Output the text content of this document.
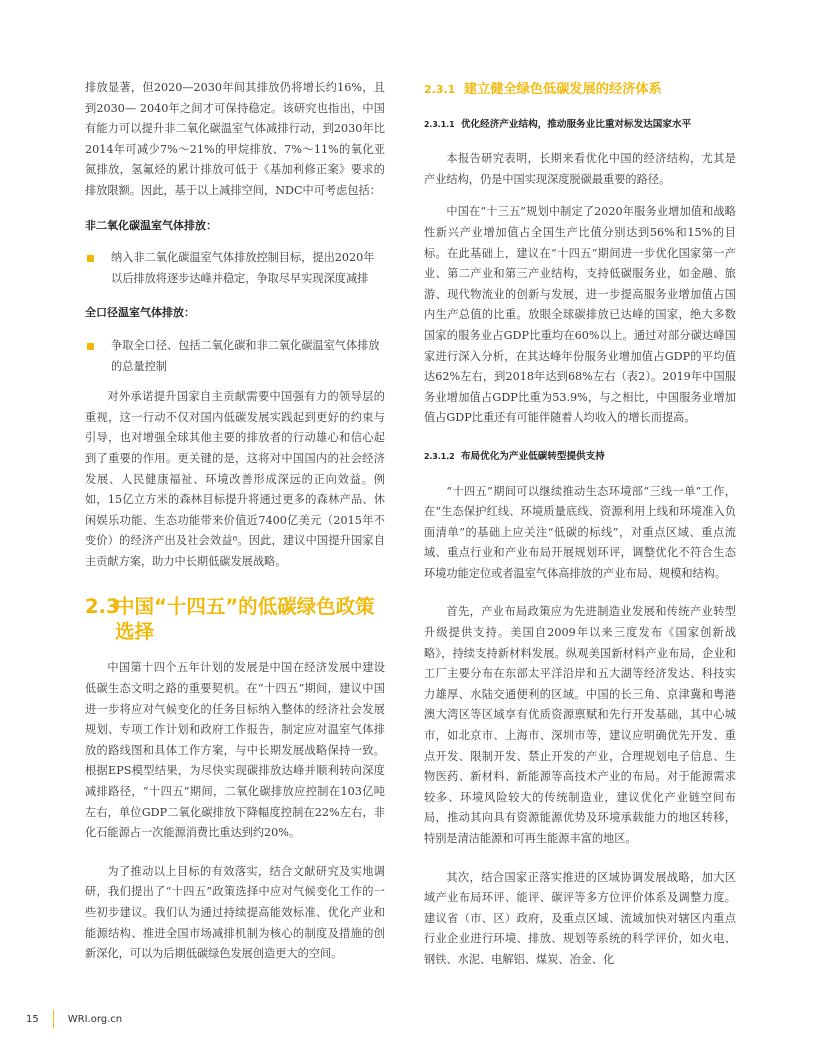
排放显著，但2020—2030年间其排放仍将增长约16%，且到2030— 2040年之间才可保持稳定。该研究也指出，中国有能力可以提升非二氧化碳温室气体减排行动，到2030年比2014年可减少7%～21%的甲烷排放、7%～11%的氧化亚氮排放，氢氟烃的累计排放可低于《基加利修正案》要求的排放限额。因此，基于以上减排空间，NDC中可考虑包括：

非二氧化碳温室气体排放：
纳入非二氧化碳温室气体排放控制目标，提出2020年以后排放将逐步达峰并稳定，争取尽早实现深度减排
全口径温室气体排放：
争取全口径、包括二氧化碳和非二氧化碳温室气体排放的总量控制

对外承诺提升国家自主贡献需要中国强有力的领导层的重视，这一行动不仅对国内低碳发展实践起到更好的约束与引导，也对增强全球其他主要的排放者的行动雄心和信心起到了重要的作用。更关键的是，这将对中国国内的社会经济发展、人民健康福祉、环境改善形成深远的正向效益。例如，15亿立方米的森林目标提升将通过更多的森林产品、休闲娱乐功能、生态功能带来价值近7400亿美元（2015年不变价）的经济产出及社会效益⁸。因此，建议中国提升国家自主贡献方案，助力中长期低碳发展战略。

2.3
中国“十四五”的低碳绿色政策选择

中国第十四个五年计划的发展是中国在经济发展中建设低碳生态文明之路的重要契机。在“十四五”期间，建议中国进一步将应对气候变化的任务目标纳入整体的经济社会发展规划、专项工作计划和政府工作报告，制定应对温室气体排放的路线图和具体工作方案，与中长期发展战略保持一致。根据EPS模型结果，为尽快实现碳排放达峰并顺利转向深度减排路径，“十四五”期间，二氧化碳排放应控制在103亿吨左右，单位GDP二氧化碳排放下降幅度控制在22%左右，非化石能源占一次能源消费比重达到约20%。

为了推动以上目标的有效落实，结合文献研究及实地调研，我们提出了“十四五”政策选择中应对气候变化工作的一些初步建议。我们认为通过持续提高能效标准、优化产业和能源结构、推进全国市场减排机制为核心的制度及措施的创新深化，可以为后期低碳绿色发展创造更大的空间。

2.3.1 建立健全绿色低碳发展的经济体系
2.3.1.1 优化经济产业结构，推动服务业比重对标发达国家水平

本报告研究表明，长期来看优化中国的经济结构，尤其是产业结构，仍是中国实现深度脱碳最重要的路径。

中国在“十三五”规划中制定了2020年服务业增加值和战略性新兴产业增加值占全国生产比值分别达到56%和15%的目标。在此基础上，建议在“十四五”期间进一步优化国家第一产业、第二产业和第三产业结构，支持低碳服务业，如金融、旅游、现代物流业的创新与发展，进一步提高服务业增加值占国内生产总值的比重。放眼全球碳排放已达峰的国家，绝大多数国家的服务业占GDP比重均在60%以上。通过对部分碳达峰国家进行深入分析，在其达峰年份服务业增加值占GDP的平均值达62%左右，到2018年达到68%左右（表2）。2019年中国服务业增加值占GDP比重为53.9%，与之相比，中国服务业增加值占GDP比重还有可能伴随着人均收入的增长而提高。

2.3.1.2 布局优化为产业低碳转型提供支持

“十四五”期间可以继续推动生态环境部“三线一单”工作，在“生态保护红线、环境质量底线、资源利用上线和环境准入负面清单”的基础上应关注“低碳的标线”，对重点区域、重点流域、重点行业和产业布局开展规划环评，调整优化不符合生态环境功能定位或者温室气体高排放的产业布局、规模和结构。

首先，产业布局政策应为先进制造业发展和传统产业转型升级提供支持。美国自2009年以来三度发布《国家创新战略》，持续支持新材料发展。纵观美国新材料产业布局，企业和工厂主要分布在东部太平洋沿岸和五大湖等经济发达、科技实力雄厚、水陆交通便利的区域。中国的长三角、京津冀和粤港澳大湾区等区域享有优质资源禀赋和先行开发基础，其中心城市，如北京市、上海市、深圳市等，建议应明确优先开发、重点开发、限制开发、禁止开发的产业，合理规划电子信息、生物医药、新材料、新能源等高技术产业的布局。对于能源需求较多、环境风险较大的传统制造业，建议优化产业链空间布局，推动其向具有资源能源优势及环境承载能力的地区转移，特别是清洁能源和可再生能源丰富的地区。

其次，结合国家正落实推进的区域协调发展战略，加大区域产业布局环评、能评、碳评等多方位评价体系及调整力度。建议省（市、区）政府，及重点区域、流域加快对辖区内重点行业企业进行环境、排放、规划等系统的科学评价，如火电、钢铁、水泥、电解铝、煤炭、冶金、化

15	WRI.org.cn
